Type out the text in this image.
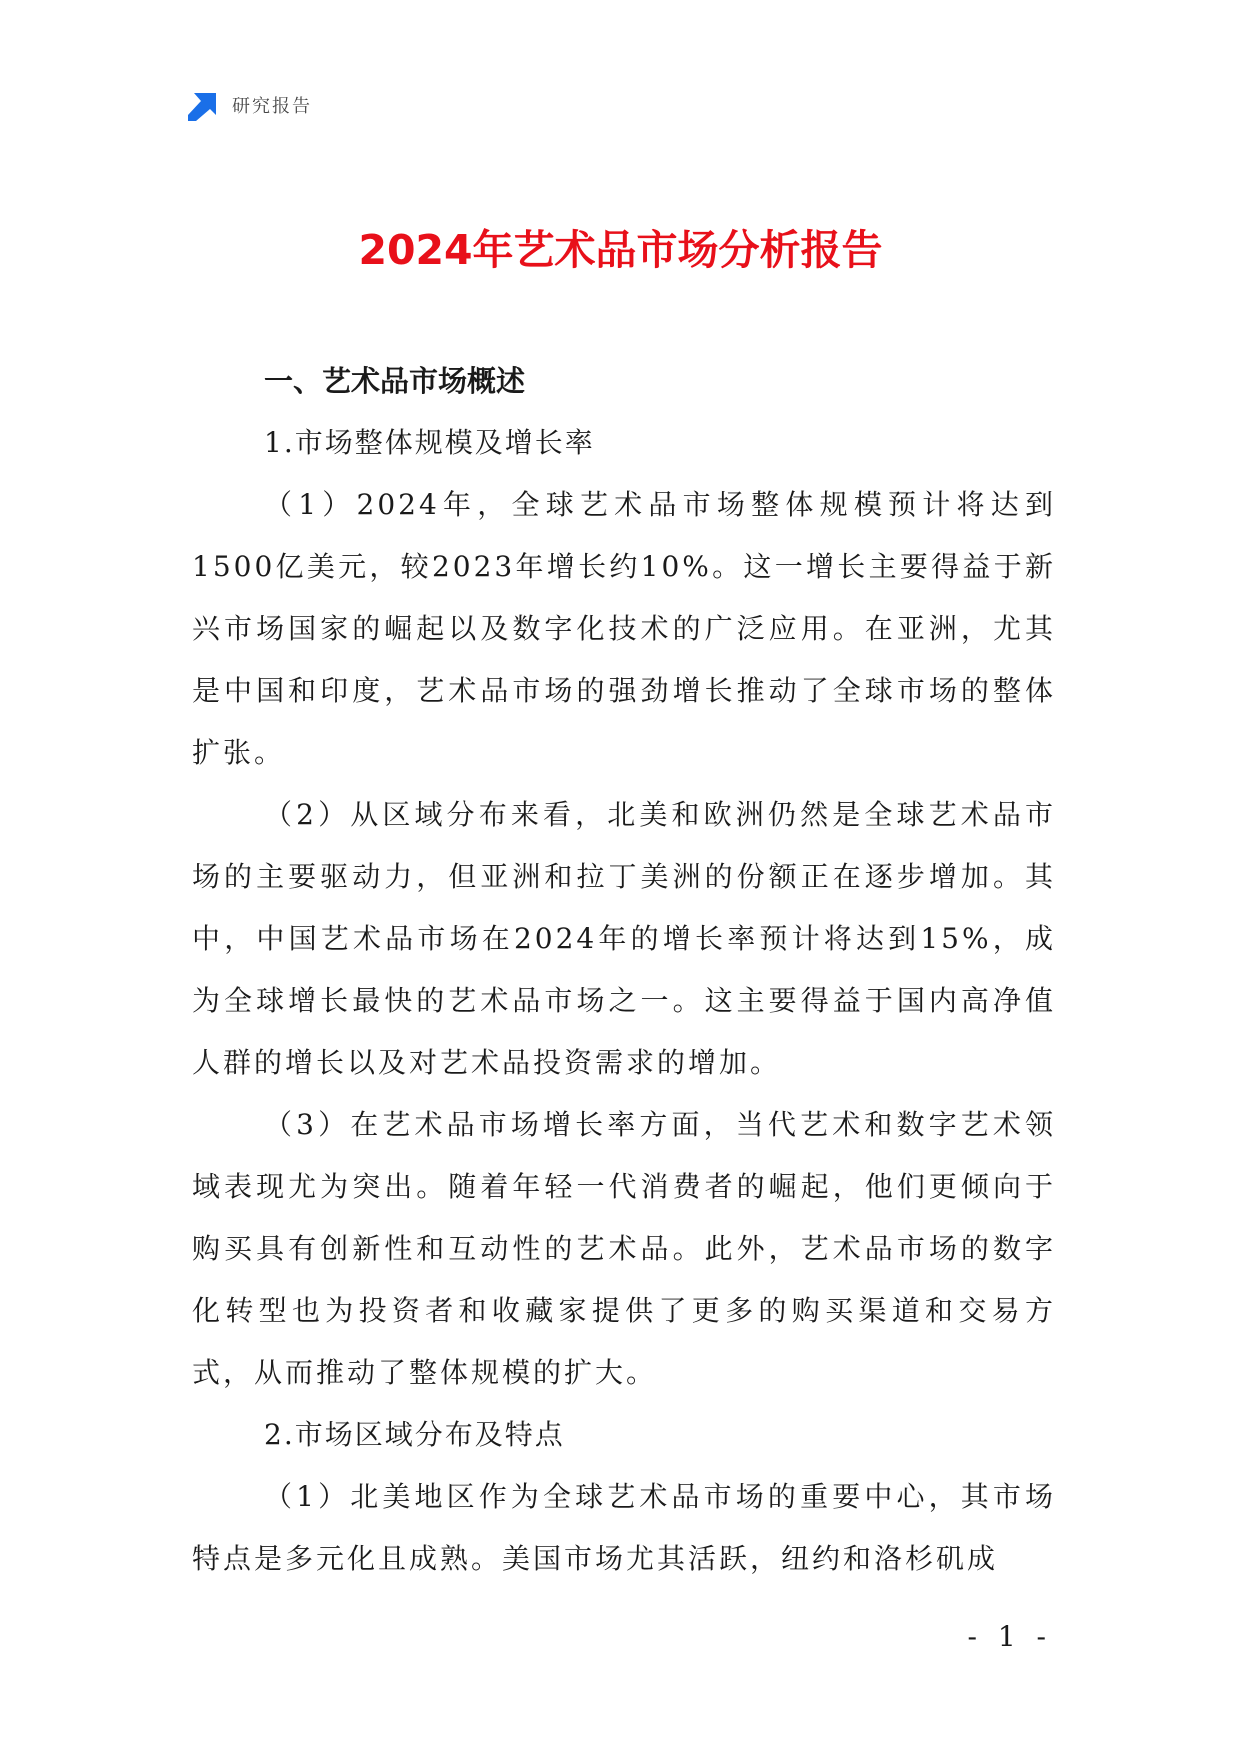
研究报告
2024年艺术品市场分析报告

一、艺术品市场概述

1.市场整体规模及增长率

（1）2024年，全球艺术品市场整体规模预计将达到1500亿美元，较2023年增长约10%。这一增长主要得益于新兴市场国家的崛起以及数字化技术的广泛应用。在亚洲，尤其是中国和印度，艺术品市场的强劲增长推动了全球市场的整体扩张。

（2）从区域分布来看，北美和欧洲仍然是全球艺术品市场的主要驱动力，但亚洲和拉丁美洲的份额正在逐步增加。其中，中国艺术品市场在2024年的增长率预计将达到15%，成为全球增长最快的艺术品市场之一。这主要得益于国内高净值人群的增长以及对艺术品投资需求的增加。

（3）在艺术品市场增长率方面，当代艺术和数字艺术领域表现尤为突出。随着年轻一代消费者的崛起，他们更倾向于购买具有创新性和互动性的艺术品。此外，艺术品市场的数字化转型也为投资者和收藏家提供了更多的购买渠道和交易方式，从而推动了整体规模的扩大。

2.市场区域分布及特点

（1）北美地区作为全球艺术品市场的重要中心，其市场特点是多元化且成熟。美国市场尤其活跃，纽约和洛杉矶成

- 1 -
